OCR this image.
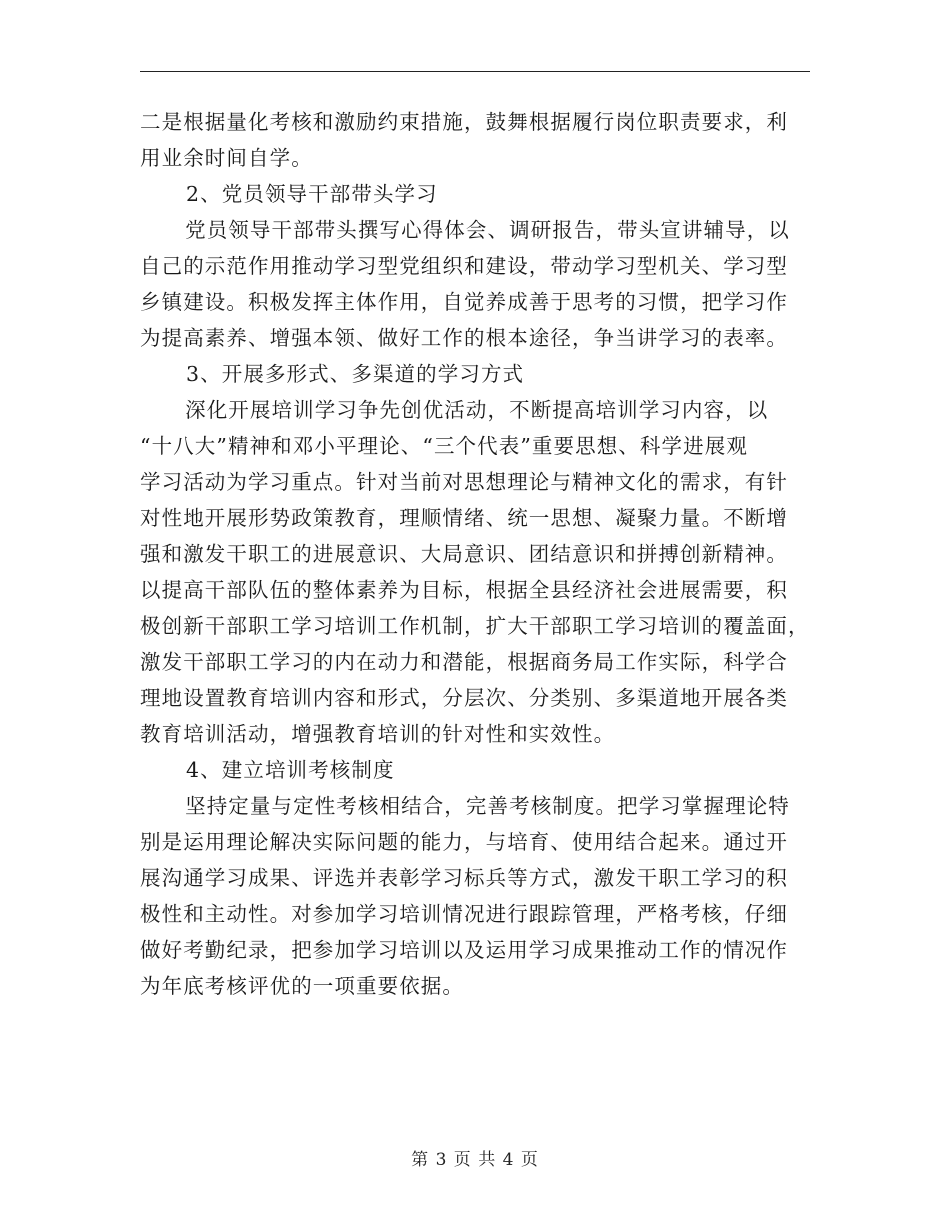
二是根据量化考核和激励约束措施，鼓舞根据履行岗位职责要求，利
用业余时间自学。

2、党员领导干部带头学习

党员领导干部带头撰写心得体会、调研报告，带头宣讲辅导，以
自己的示范作用推动学习型党组织和建设，带动学习型机关、学习型
乡镇建设。积极发挥主体作用，自觉养成善于思考的习惯，把学习作
为提高素养、增强本领、做好工作的根本途径，争当讲学习的表率。

3、开展多形式、多渠道的学习方式

深化开展培训学习争先创优活动，不断提高培训学习内容，以
“十八大”精神和邓小平理论、“三个代表”重要思想、科学进展观
学习活动为学习重点。针对当前对思想理论与精神文化的需求，有针
对性地开展形势政策教育，理顺情绪、统一思想、凝聚力量。不断增
强和激发干职工的进展意识、大局意识、团结意识和拼搏创新精神。
以提高干部队伍的整体素养为目标，根据全县经济社会进展需要，积
极创新干部职工学习培训工作机制，扩大干部职工学习培训的覆盖面，
激发干部职工学习的内在动力和潜能，根据商务局工作实际，科学合
理地设置教育培训内容和形式，分层次、分类别、多渠道地开展各类
教育培训活动，增强教育培训的针对性和实效性。

4、建立培训考核制度

坚持定量与定性考核相结合，完善考核制度。把学习掌握理论特
别是运用理论解决实际问题的能力，与培育、使用结合起来。通过开
展沟通学习成果、评选并表彰学习标兵等方式，激发干职工学习的积
极性和主动性。对参加学习培训情况进行跟踪管理，严格考核，仔细
做好考勤纪录，把参加学习培训以及运用学习成果推动工作的情况作
为年底考核评优的一项重要依据。

第 3 页 共 4 页
